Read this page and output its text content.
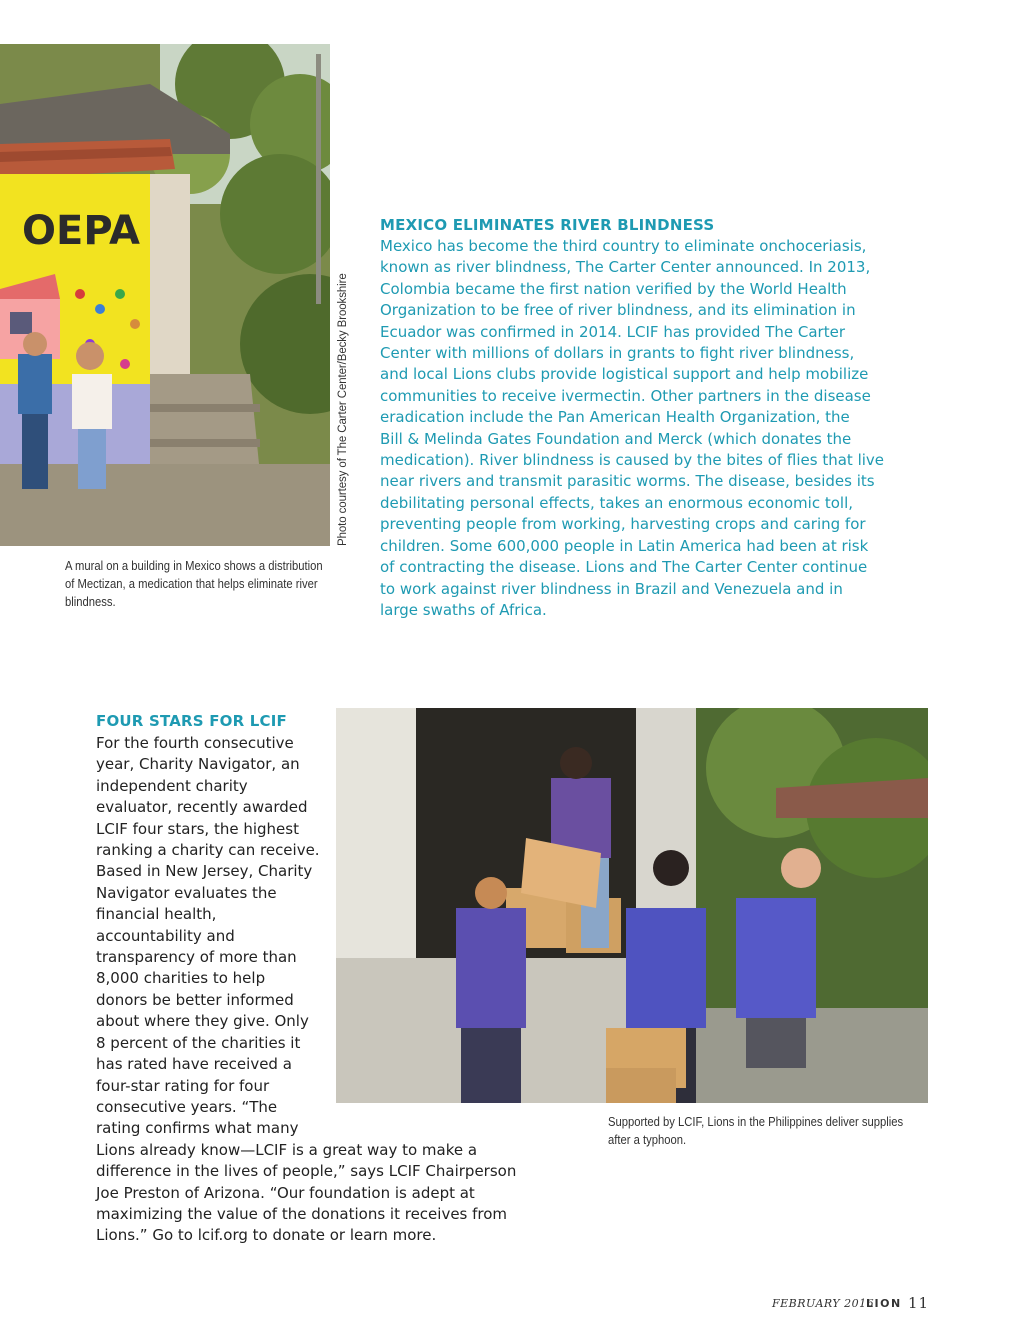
OEPA
Photo courtesy of The Carter Center/Becky Brookshire
A mural on a building in Mexico shows a distribution of Mectizan, a medication that helps eliminate river blindness.
MEXICO ELIMINATES RIVER BLINDNESS
Mexico has become the third country to eliminate onchoceriasis,
known as river blindness, The Carter Center announced. In 2013,
Colombia became the first nation verified by the World Health
Organization to be free of river blindness, and its elimination in
Ecuador was confirmed in 2014. LCIF has provided The Carter
Center with millions of dollars in grants to fight river blindness,
and local Lions clubs provide logistical support and help mobilize
communities to receive ivermectin. Other partners in the disease
eradication include the Pan American Health Organization, the
Bill & Melinda Gates Foundation and Merck (which donates the
medication). River blindness is caused by the bites of flies that live
near rivers and transmit parasitic worms. The disease, besides its
debilitating personal effects, takes an enormous economic toll,
preventing people from working, harvesting crops and caring for
children. Some 600,000 people in Latin America had been at risk
of contracting the disease. Lions and The Carter Center continue
to work against river blindness in Brazil and Venezuela and in
large swaths of Africa.
FOUR STARS FOR LCIF
For the fourth consecutive
year, Charity Navigator, an
independent charity
evaluator, recently awarded
LCIF four stars, the highest
ranking a charity can receive.
Based in New Jersey, Charity
Navigator evaluates the
financial health,
accountability and
transparency of more than
8,000 charities to help
donors be better informed
about where they give. Only
8 percent of the charities it
has rated have received a
four-star rating for four
consecutive years. “The
rating confirms what many
Lions already know—LCIF is a great way to make a
difference in the lives of people,” says LCIF Chairperson
Joe Preston of Arizona. “Our foundation is adept at
maximizing the value of the donations it receives from
Lions.” Go to lcif.org to donate or learn more.
Supported by LCIF, Lions in the Philippines deliver supplies after a typhoon.
FEBRUARY 2016
LION 11
